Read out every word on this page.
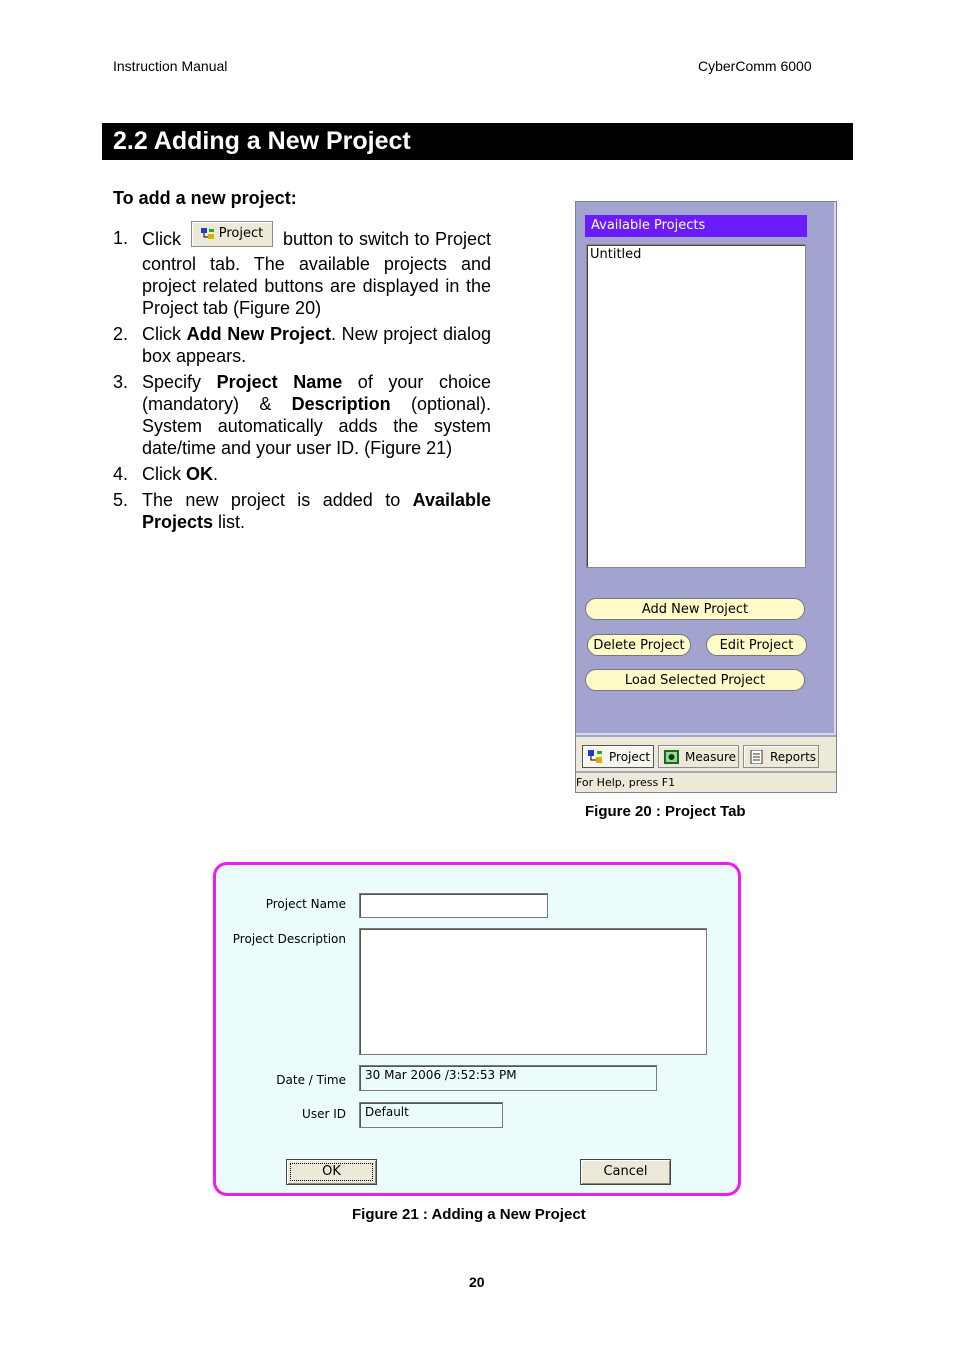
Instruction Manual	CyberComm 6000
2.2 Adding a New Project
To add a new project:
1. Click	Project button to switch to Project control tab. The available projects and project related buttons are displayed in the Project tab (Figure 20)
2. Click Add New Project. New project dialog box appears.
3. Specify Project Name of your choice (mandatory) & Description (optional). System automatically adds the system date/time and your user ID. (Figure 21)
4. Click OK.
5. The new project is added to Available Projects list.
Available Projects
Untitled
Add New Project
Delete Project	Edit Project
Load Selected Project
Project	Measure	Reports
For Help, press F1
Figure 20 : Project Tab
Project Name
Project Description
Date / Time	30 Mar 2006 /3:52:53 PM
User ID	Default
OK	Cancel
Figure 21 : Adding a New Project
20
